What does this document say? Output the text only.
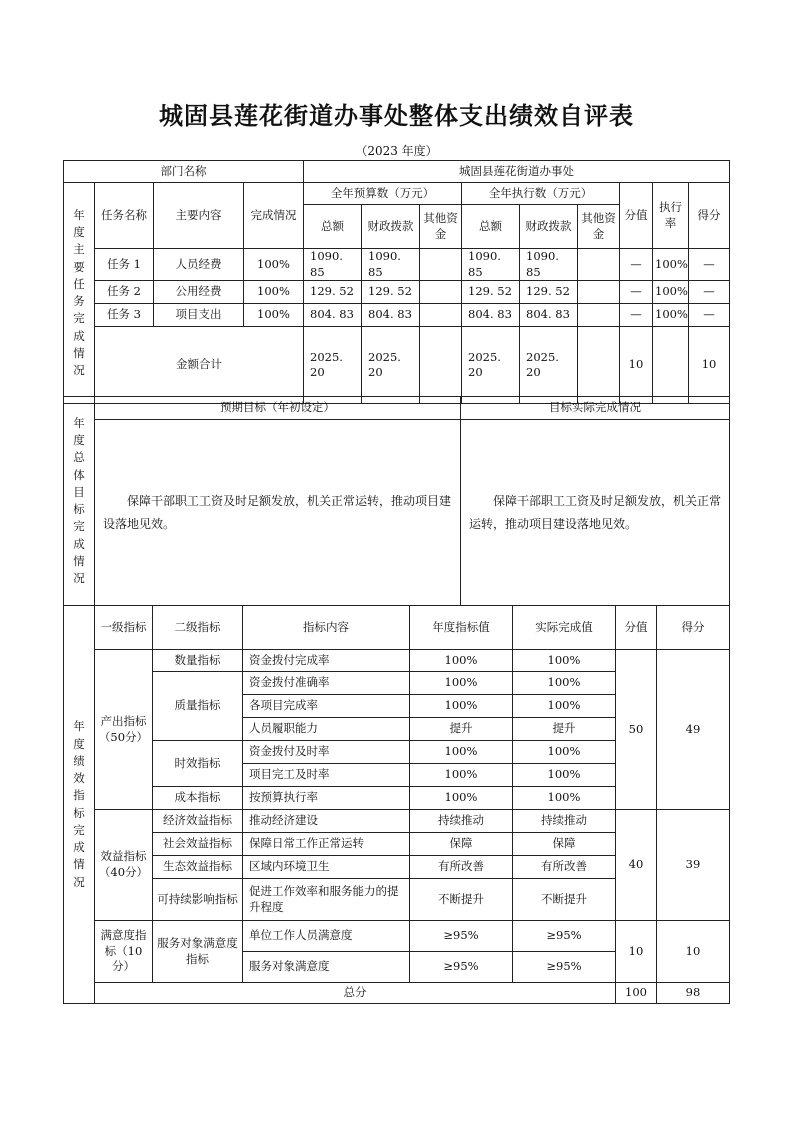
城固县莲花街道办事处整体支出绩效自评表
（2023 年度）
部门名称				城固县莲花街道办事处								

年度主要任务完成情况	任务名称	主要内容	完成情况	全年预算数（万元）			全年执行数（万元）			分值	执行率	得分
				总额	财政拨款	其他资金	总额	财政拨款	其他资金			
	任务 1	人员经费	100%	1090. 85	1090. 85		1090. 85	1090. 85		—	100%	—
	任务 2	公用经费	100%	129. 52	129. 52		129. 52	129. 52		—	100%	—
	任务 3	项目支出	100%	804. 83	804. 83		804. 83	804. 83		—	100%	—
	金额合计			2025. 20	2025. 20		2025. 20	2025. 20		10		10
年度总体目标完成情况	预期目标（年初设定）	目标实际完成情况
	保障干部职工工资及时足额发放，机关正常运转，推动项目建设落地见效。	保障干部职工工资及时足额发放，机关正常运转，推动项目建设落地见效。
年度绩效指标完成情况	一级指标	二级指标	指标内容	年度指标值	实际完成值	分值	得分
	产出指标（50分）	数量指标	资金拨付完成率	100%	100%	50	49
		质量指标	资金拨付准确率	100%	100%		
			各项目完成率	100%	100%		
			人员履职能力	提升	提升		
		时效指标	资金拨付及时率	100%	100%		
			项目完工及时率	100%	100%		
		成本指标	按预算执行率	100%	100%		
	效益指标（40分）	经济效益指标	推动经济建设	持续推动	持续推动	40	39
		社会效益指标	保障日常工作正常运转	保障	保障		
		生态效益指标	区域内环境卫生	有所改善	有所改善		
		可持续影响指标	促进工作效率和服务能力的提升程度	不断提升	不断提升		
	满意度指标（10分）	服务对象满意度指标	单位工作人员满意度	≥95%	≥95%	10	10
			服务对象满意度	≥95%	≥95%		
	总分					100	98
